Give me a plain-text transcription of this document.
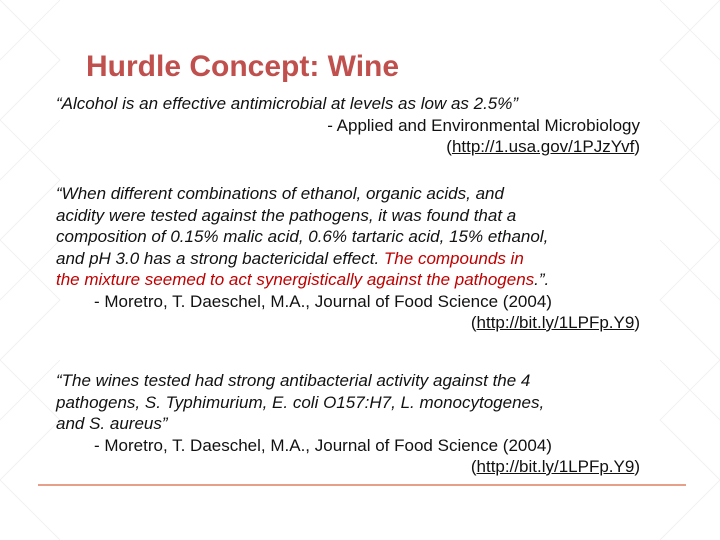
Hurdle Concept: Wine
“Alcohol is an effective antimicrobial at levels as low as 2.5%”
- Applied and Environmental Microbiology
(http://1.usa.gov/1PJzYvf)
“When different combinations of ethanol, organic acids, and
acidity were tested against the pathogens, it was found that a
composition of 0.15% malic acid, 0.6% tartaric acid, 15% ethanol,
and pH 3.0 has a strong bactericidal effect. The compounds in
the mixture seemed to act synergistically against the pathogens.”.
- Moretro, T. Daeschel, M.A., Journal of Food Science (2004)
(http://bit.ly/1LPFp.Y9)
“The wines tested had strong antibacterial activity against the 4
pathogens, S. Typhimurium, E. coli O157:H7, L. monocytogenes,
and S. aureus”
- Moretro, T. Daeschel, M.A., Journal of Food Science (2004)
(http://bit.ly/1LPFp.Y9)
